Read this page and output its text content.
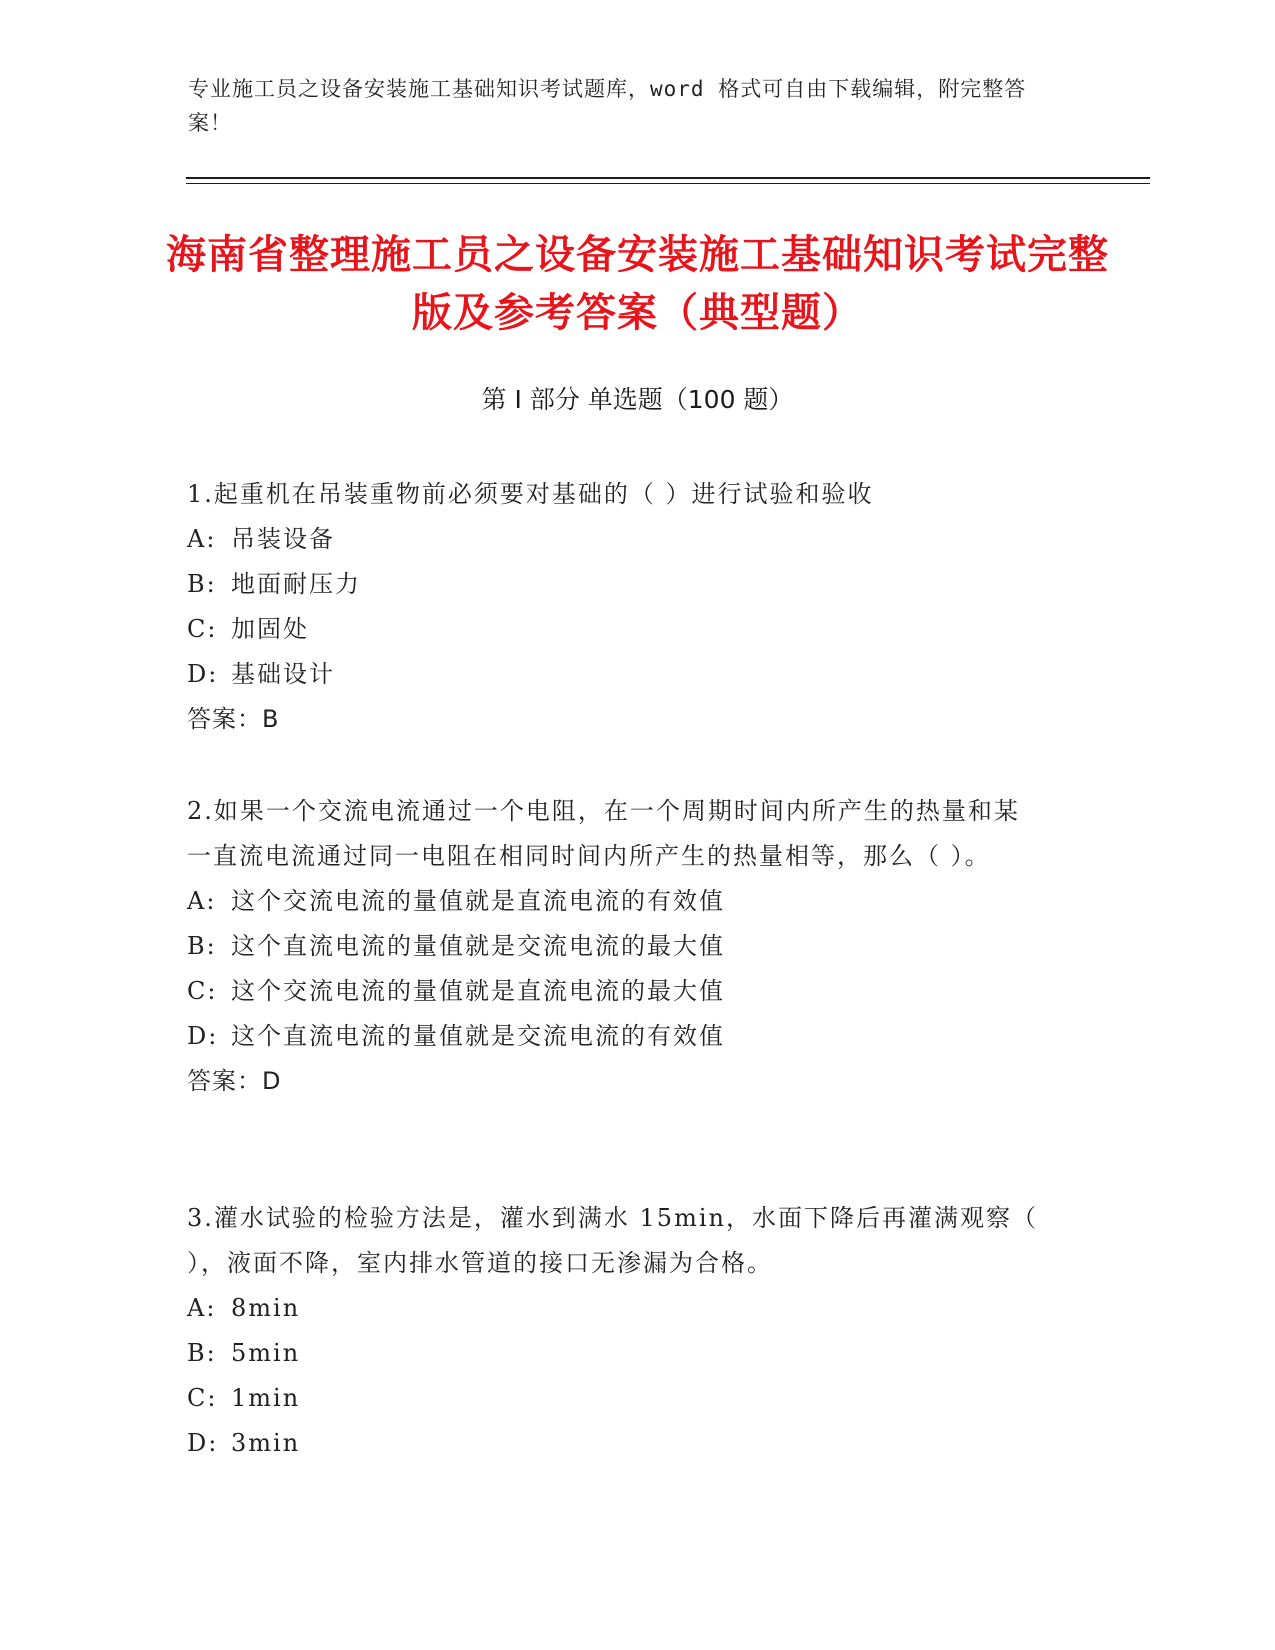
专业施工员之设备安装施工基础知识考试题库，word 格式可自由下载编辑，附完整答案！
海南省整理施工员之设备安装施工基础知识考试完整版及参考答案（典型题）
第 I 部分 单选题（100 题）
1.起重机在吊装重物前必须要对基础的（ ）进行试验和验收
A: 吊装设备
B: 地面耐压力
C: 加固处
D: 基础设计
答案：B
2.如果一个交流电流通过一个电阻，在一个周期时间内所产生的热量和某一直流电流通过同一电阻在相同时间内所产生的热量相等，那么（ ）。
A: 这个交流电流的量值就是直流电流的有效值
B: 这个直流电流的量值就是交流电流的最大值
C: 这个交流电流的量值就是直流电流的最大值
D: 这个直流电流的量值就是交流电流的有效值
答案：D
3.灌水试验的检验方法是，灌水到满水 15min，水面下降后再灌满观察（ ），液面不降，室内排水管道的接口无渗漏为合格。
A: 8min
B: 5min
C: 1min
D: 3min
